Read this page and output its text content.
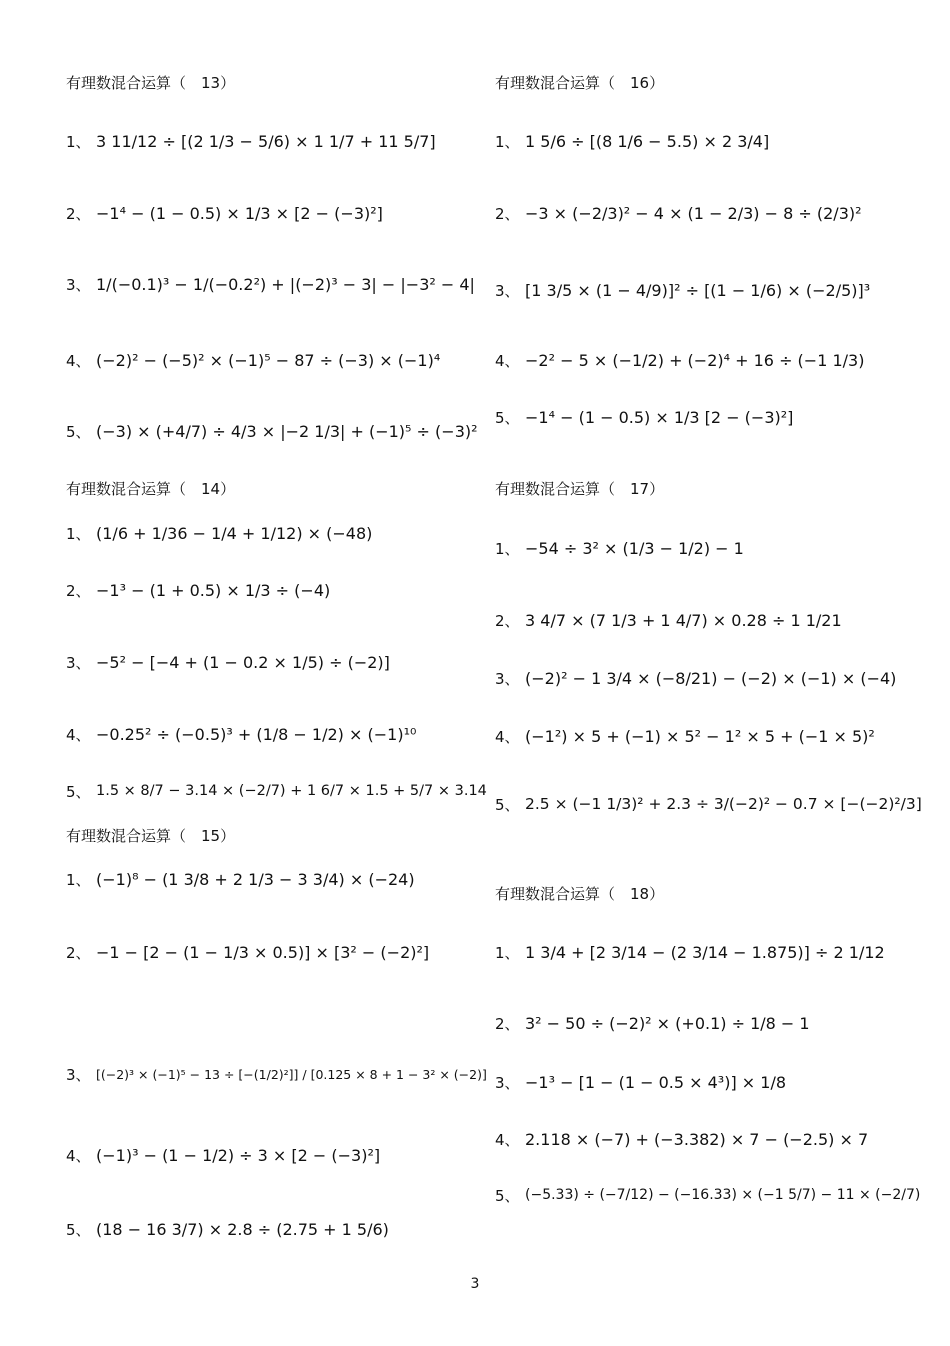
有理数混合运算（　13）
1、 3 11/12 ÷ [(2 1/3 − 5/6) × 1 1/7 + 11 5/7]
2、 −1⁴ − (1 − 0.5) × 1/3 × [2 − (−3)²]
3、 1/(−0.1)³ − 1/(−0.2²) + |(−2)³ − 3| − |−3² − 4|
4、 (−2)² − (−5)² × (−1)⁵ − 87 ÷ (−3) × (−1)⁴
5、 (−3) × (+4/7) ÷ 4/3 × |−2 1/3| + (−1)⁵ ÷ (−3)²
有理数混合运算（　14）
1、 (1/6 + 1/36 − 1/4 + 1/12) × (−48)
2、 −1³ − (1 + 0.5) × 1/3 ÷ (−4)
3、 −5² − [−4 + (1 − 0.2 × 1/5) ÷ (−2)]
4、 −0.25² ÷ (−0.5)³ + (1/8 − 1/2) × (−1)¹⁰
5、 1.5 × 8/7 − 3.14 × (−2/7) + 1 6/7 × 1.5 + 5/7 × 3.14
有理数混合运算（　15）
1、 (−1)⁸ − (1 3/8 + 2 1/3 − 3 3/4) × (−24)
2、 −1 − [2 − (1 − 1/3 × 0.5)] × [3² − (−2)²]
3、 [(−2)³ × (−1)⁵ − 13 ÷ [−(1/2)²]] / [0.125 × 8 + 1 − 3² × (−2)]
4、 (−1)³ − (1 − 1/2) ÷ 3 × [2 − (−3)²]
5、 (18 − 16 3/7) × 2.8 ÷ (2.75 + 1 5/6)
有理数混合运算（　16）
1、 1 5/6 ÷ [(8 1/6 − 5.5) × 2 3/4]
2、 −3 × (−2/3)² − 4 × (1 − 2/3) − 8 ÷ (2/3)²
3、 [1 3/5 × (1 − 4/9)]² ÷ [(1 − 1/6) × (−2/5)]³
4、 −2² − 5 × (−1/2) + (−2)⁴ + 16 ÷ (−1 1/3)
5、 −1⁴ − (1 − 0.5) × 1/3 [2 − (−3)²]
有理数混合运算（　17）
1、 −54 ÷ 3² × (1/3 − 1/2) − 1
2、 3 4/7 × (7 1/3 + 1 4/7) × 0.28 ÷ 1 1/21
3、 (−2)² − 1 3/4 × (−8/21) − (−2) × (−1) × (−4)
4、 (−1²) × 5 + (−1) × 5² − 1² × 5 + (−1 × 5)²
5、 2.5 × (−1 1/3)² + 2.3 ÷ 3/(−2)² − 0.7 × [−(−2)²/3]
有理数混合运算（　18）
1、 1 3/4 + [2 3/14 − (2 3/14 − 1.875)] ÷ 2 1/12
2、 3² − 50 ÷ (−2)² × (+0.1) ÷ 1/8 − 1
3、 −1³ − [1 − (1 − 0.5 × 4³)] × 1/8
4、 2.118 × (−7) + (−3.382) × 7 − (−2.5) × 7
5、 (−5.33) ÷ (−7/12) − (−16.33) × (−1 5/7) − 11 × (−2/7)
3
